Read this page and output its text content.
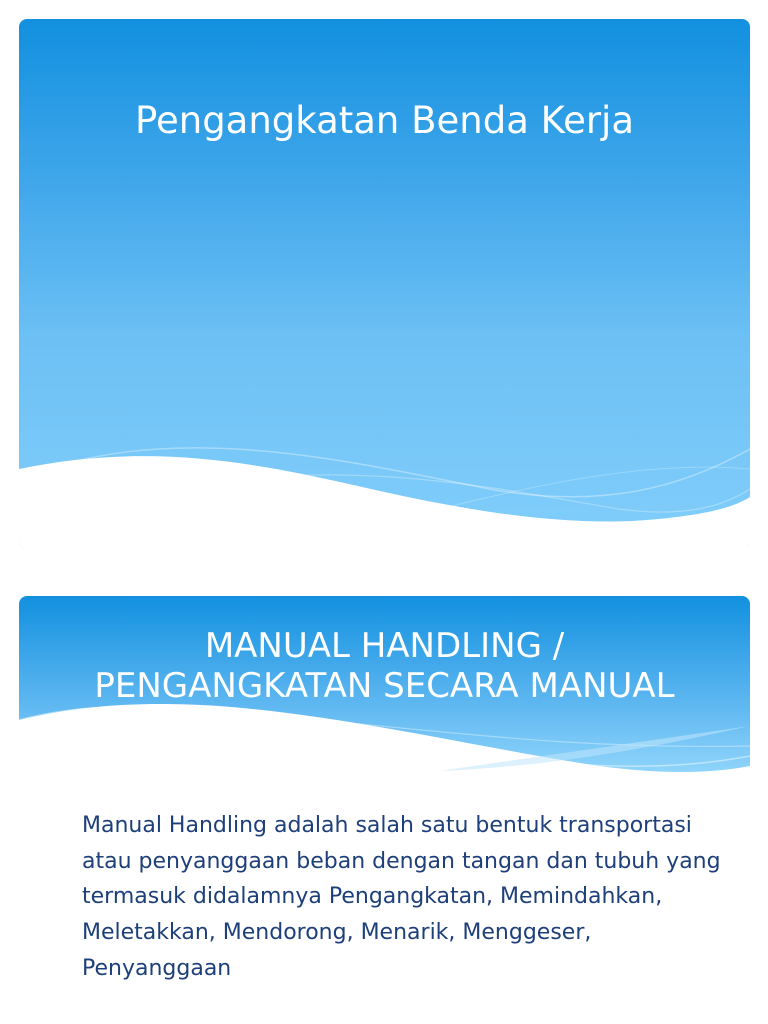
Pengangkatan Benda Kerja
MANUAL HANDLING /
PENGANGKATAN SECARA MANUAL

Manual Handling adalah salah satu bentuk transportasi atau penyanggaan beban dengan tangan dan tubuh yang termasuk didalamnya Pengangkatan, Memindahkan, Meletakkan, Mendorong, Menarik, Menggeser, Penyanggaan
